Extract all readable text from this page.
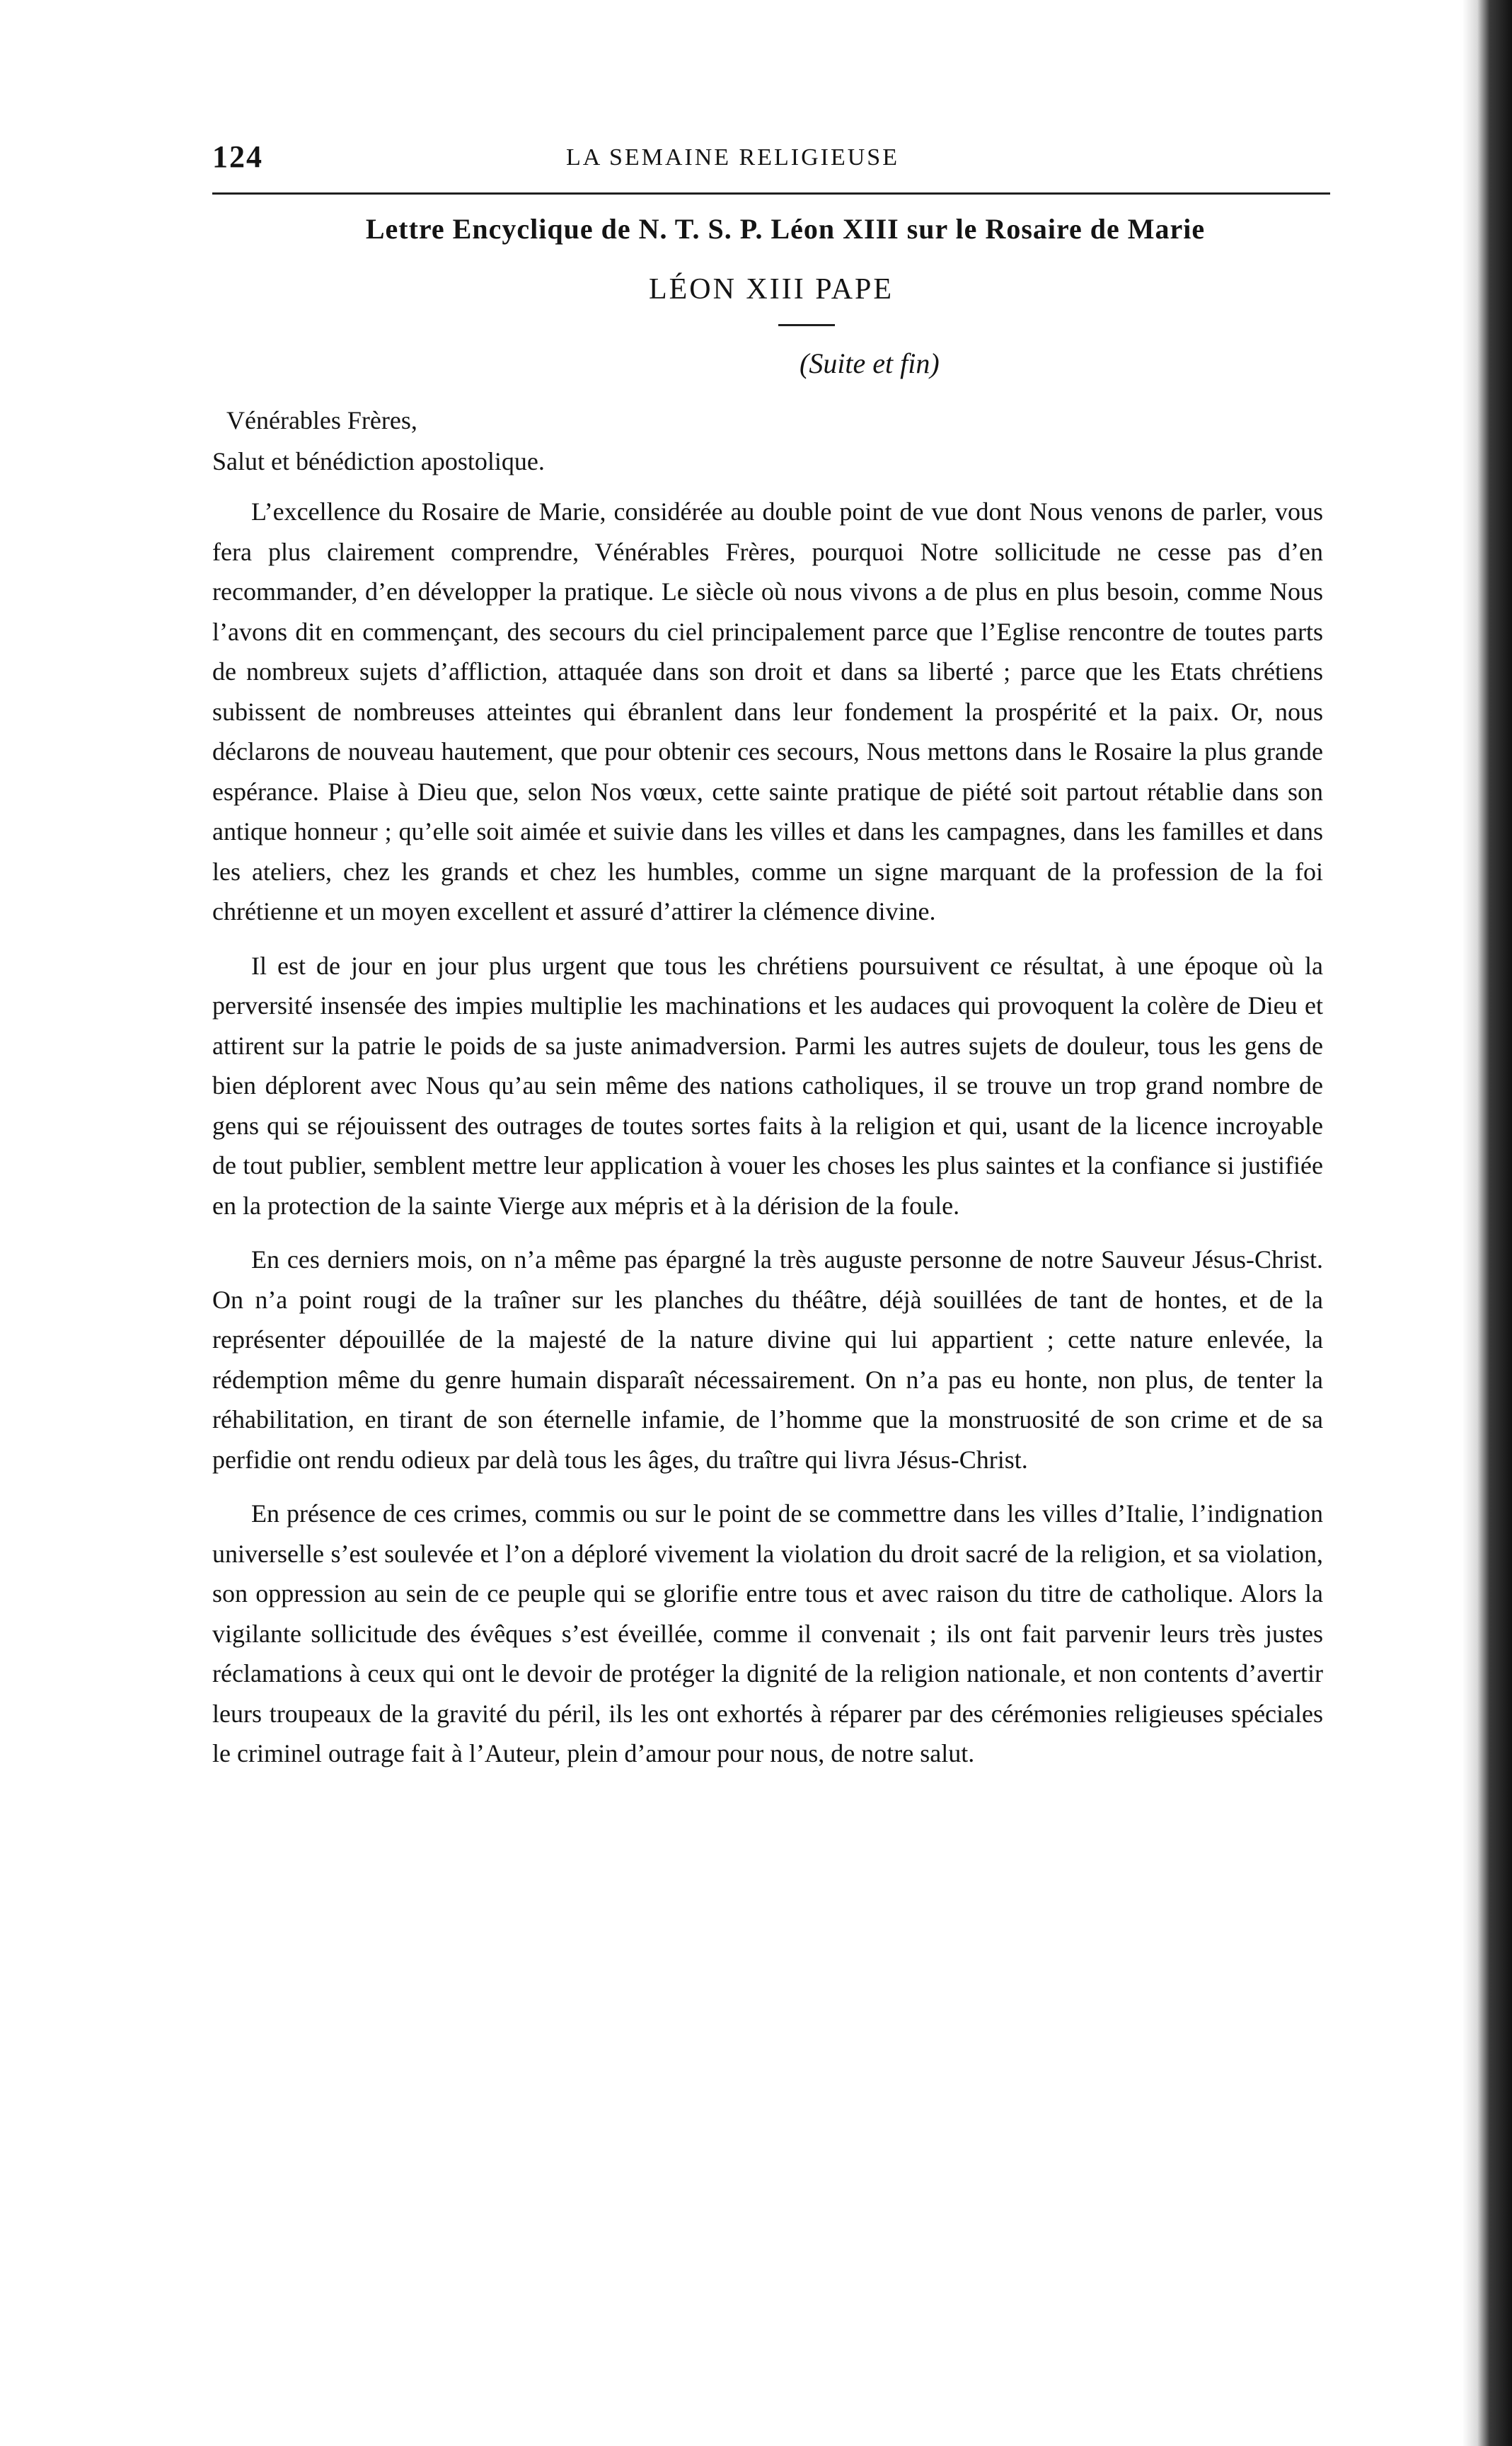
124	LA SEMAINE RELIGIEUSE
Lettre Encyclique de N. T. S. P. Léon XIII sur le Rosaire de Marie
LÉON XIII PAPE
(Suite et fin)
Vénérables Frères,
Salut et bénédiction apostolique.

L’excellence du Rosaire de Marie, considérée au double point de vue dont Nous venons de parler, vous fera plus clairement comprendre, Vénérables Frères, pourquoi Notre sollicitude ne cesse pas d’en recommander, d’en développer la pratique. Le siècle où nous vivons a de plus en plus besoin, comme Nous l’avons dit en commençant, des secours du ciel principalement parce que l’Eglise rencontre de toutes parts de nombreux sujets d’affliction, attaquée dans son droit et dans sa liberté ; parce que les Etats chrétiens subissent de nombreuses atteintes qui ébranlent dans leur fondement la prospérité et la paix. Or, nous déclarons de nouveau hautement, que pour obtenir ces secours, Nous mettons dans le Rosaire la plus grande espérance. Plaise à Dieu que, selon Nos vœux, cette sainte pratique de piété soit partout rétablie dans son antique honneur ; qu’elle soit aimée et suivie dans les villes et dans les campagnes, dans les familles et dans les ateliers, chez les grands et chez les humbles, comme un signe marquant de la profession de la foi chrétienne et un moyen excellent et assuré d’attirer la clémence divine.

Il est de jour en jour plus urgent que tous les chrétiens poursuivent ce résultat, à une époque où la perversité insensée des impies multiplie les machinations et les audaces qui provoquent la colère de Dieu et attirent sur la patrie le poids de sa juste animadversion. Parmi les autres sujets de douleur, tous les gens de bien déplorent avec Nous qu’au sein même des nations catholiques, il se trouve un trop grand nombre de gens qui se réjouissent des outrages de toutes sortes faits à la religion et qui, usant de la licence incroyable de tout publier, semblent mettre leur application à vouer les choses les plus saintes et la confiance si justifiée en la protection de la sainte Vierge aux mépris et à la dérision de la foule.

En ces derniers mois, on n’a même pas épargné la très auguste personne de notre Sauveur Jésus-Christ. On n’a point rougi de la traîner sur les planches du théâtre, déjà souillées de tant de hontes, et de la représenter dépouillée de la majesté de la nature divine qui lui appartient ; cette nature enlevée, la rédemption même du genre humain disparaît nécessairement. On n’a pas eu honte, non plus, de tenter la réhabilitation, en tirant de son éternelle infamie, de l’homme que la monstruosité de son crime et de sa perfidie ont rendu odieux par delà tous les âges, du traître qui livra Jésus-Christ.

En présence de ces crimes, commis ou sur le point de se commettre dans les villes d’Italie, l’indignation universelle s’est soulevée et l’on a déploré vivement la violation du droit sacré de la religion, et sa violation, son oppression au sein de ce peuple qui se glorifie entre tous et avec raison du titre de catholique. Alors la vigilante sollicitude des évêques s’est éveillée, comme il convenait ; ils ont fait parvenir leurs très justes réclamations à ceux qui ont le devoir de protéger la dignité de la religion nationale, et non contents d’avertir leurs troupeaux de la gravité du péril, ils les ont exhortés à réparer par des cérémonies religieuses spéciales le criminel outrage fait à l’Auteur, plein d’amour pour nous, de notre salut.
